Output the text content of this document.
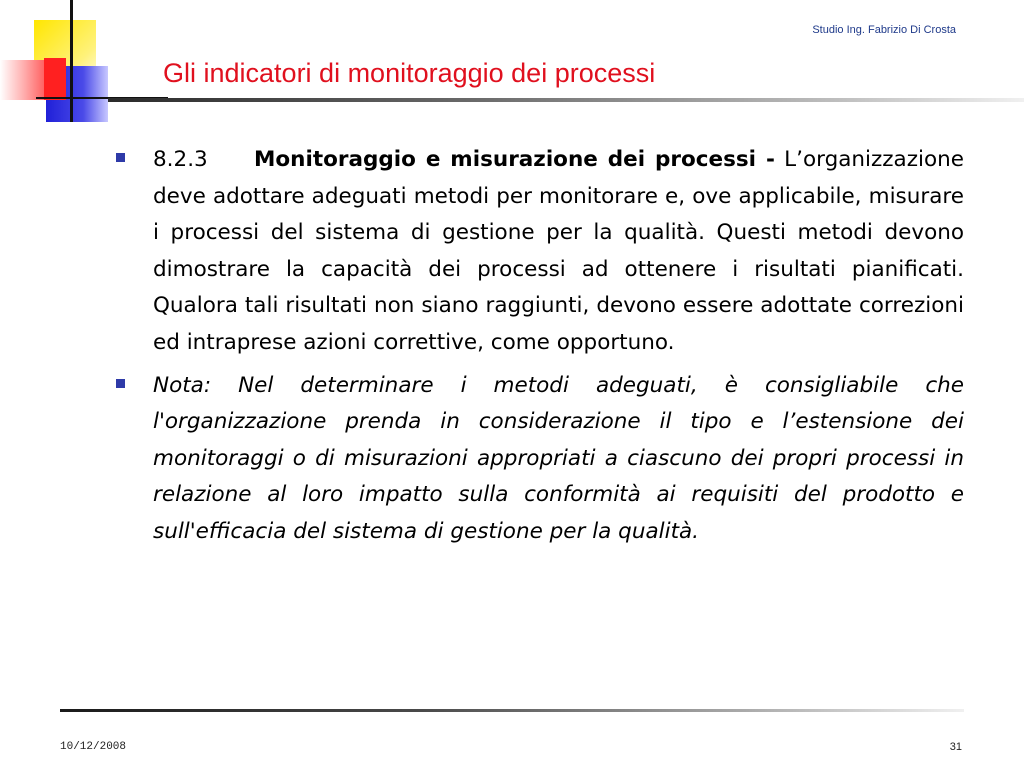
Studio Ing. Fabrizio Di Crosta
Gli indicatori di monitoraggio dei processi
8.2.3 Monitoraggio e misurazione dei processi - L’organizzazione deve adottare adeguati metodi per monitorare e, ove applicabile, misurare i processi del sistema di gestione per la qualità. Questi metodi devono dimostrare la capacità dei processi ad ottenere i risultati pianificati. Qualora tali risultati non siano raggiunti, devono essere adottate correzioni ed intraprese azioni correttive, come opportuno.
Nota: Nel determinare i metodi adeguati, è consigliabile che l'organizzazione prenda in considerazione il tipo e l’estensione dei monitoraggi o di misurazioni appropriati a ciascuno dei propri processi in relazione al loro impatto sulla conformità ai requisiti del prodotto e sull'efficacia del sistema di gestione per la qualità.
10/12/2008	31
